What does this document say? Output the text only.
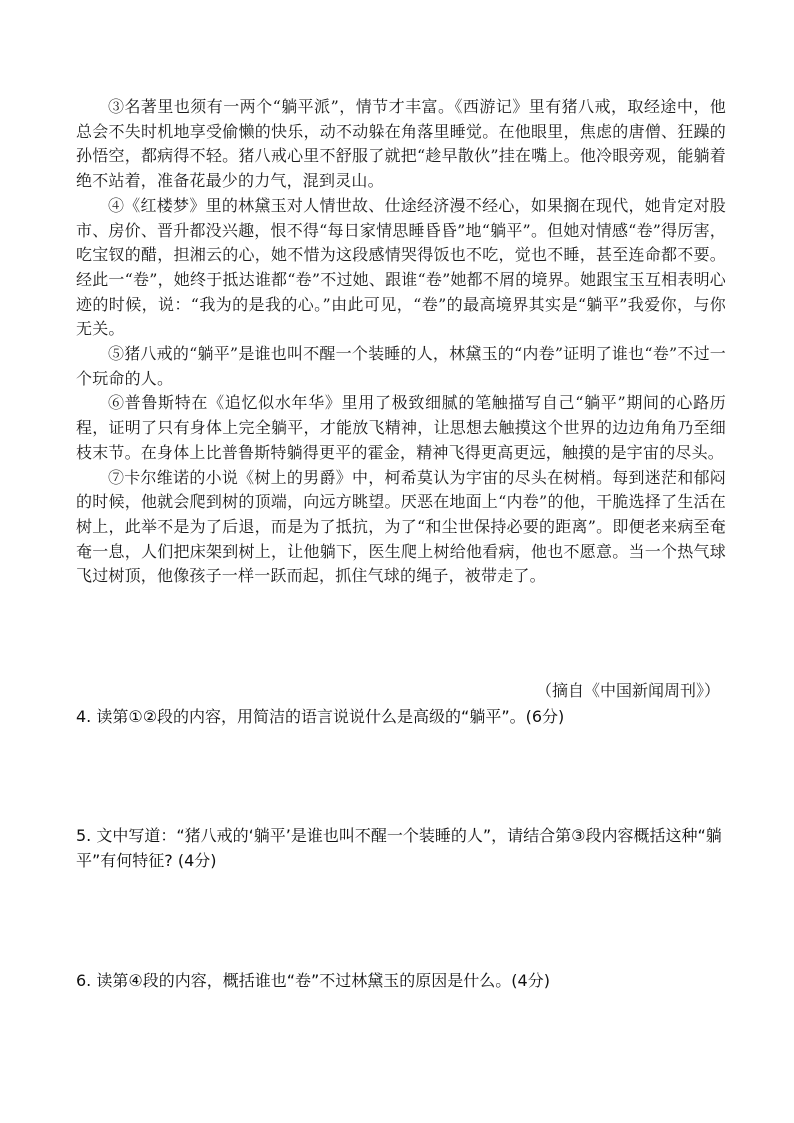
③名著里也须有一两个“躺平派”，情节才丰富。《西游记》里有猪八戒，取经途中，他总会不失时机地享受偷懒的快乐，动不动躲在角落里睡觉。在他眼里，焦虑的唐僧、狂躁的孙悟空，都病得不轻。猪八戒心里不舒服了就把“趁早散伙”挂在嘴上。他冷眼旁观，能躺着绝不站着，准备花最少的力气，混到灵山。

④《红楼梦》里的林黛玉对人情世故、仕途经济漫不经心，如果搁在现代，她肯定对股市、房价、晋升都没兴趣，恨不得“每日家情思睡昏昏”地“躺平”。但她对情感“卷”得厉害，吃宝钗的醋，担湘云的心，她不惜为这段感情哭得饭也不吃，觉也不睡，甚至连命都不要。经此一“卷”，她终于抵达谁都“卷”不过她、跟谁“卷”她都不屑的境界。她跟宝玉互相表明心迹的时候，说：“我为的是我的心。”由此可见，“卷”的最高境界其实是“躺平”我爱你，与你无关。

⑤猪八戒的“躺平”是谁也叫不醒一个装睡的人，林黛玉的“内卷”证明了谁也“卷”不过一个玩命的人。

⑥普鲁斯特在《追忆似水年华》里用了极致细腻的笔触描写自己“躺平”期间的心路历程，证明了只有身体上完全躺平，才能放飞精神，让思想去触摸这个世界的边边角角乃至细枝末节。在身体上比普鲁斯特躺得更平的霍金，精神飞得更高更远，触摸的是宇宙的尽头。

⑦卡尔维诺的小说《树上的男爵》中，柯希莫认为宇宙的尽头在树梢。每到迷茫和郁闷的时候，他就会爬到树的顶端，向远方眺望。厌恶在地面上“内卷”的他，干脆选择了生活在树上，此举不是为了后退，而是为了抵抗，为了“和尘世保持必要的距离”。即便老来病至奄奄一息，人们把床架到树上，让他躺下，医生爬上树给他看病，他也不愿意。当一个热气球飞过树顶，他像孩子一样一跃而起，抓住气球的绳子，被带走了。

（摘自《中国新闻周刊》）
4. 读第①②段的内容，用简洁的语言说说什么是高级的“躺平”。(6分)
5. 文中写道：“猪八戒的‘躺平’是谁也叫不醒一个装睡的人”，请结合第③段内容概括这种“躺平”有何特征? (4分)
6. 读第④段的内容，概括谁也“卷”不过林黛玉的原因是什么。(4分)
